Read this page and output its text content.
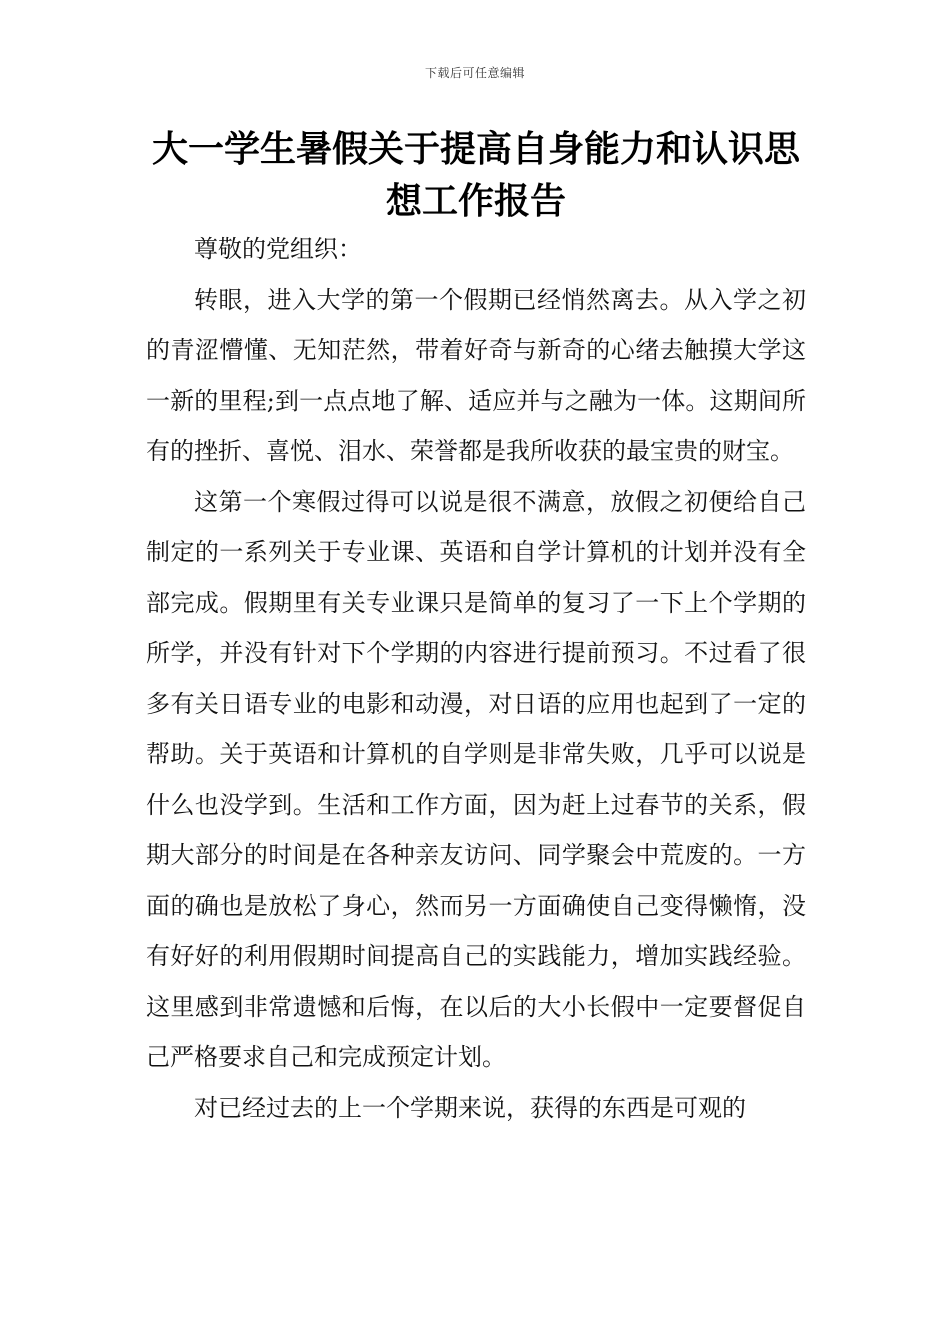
下载后可任意编辑
大一学生暑假关于提高自身能力和认识思想工作报告

尊敬的党组织：

转眼，进入大学的第一个假期已经悄然离去。从入学之初的青涩懵懂、无知茫然，带着好奇与新奇的心绪去触摸大学这一新的里程;到一点点地了解、适应并与之融为一体。这期间所有的挫折、喜悦、泪水、荣誉都是我所收获的最宝贵的财宝。

这第一个寒假过得可以说是很不满意，放假之初便给自己制定的一系列关于专业课、英语和自学计算机的计划并没有全部完成。假期里有关专业课只是简单的复习了一下上个学期的所学，并没有针对下个学期的内容进行提前预习。不过看了很多有关日语专业的电影和动漫，对日语的应用也起到了一定的帮助。关于英语和计算机的自学则是非常失败，几乎可以说是什么也没学到。生活和工作方面，因为赶上过春节的关系，假期大部分的时间是在各种亲友访问、同学聚会中荒废的。一方面的确也是放松了身心，然而另一方面确使自己变得懒惰，没有好好的利用假期时间提高自己的实践能力，增加实践经验。这里感到非常遗憾和后悔，在以后的大小长假中一定要督促自己严格要求自己和完成预定计划。

对已经过去的上一个学期来说，获得的东西是可观的
